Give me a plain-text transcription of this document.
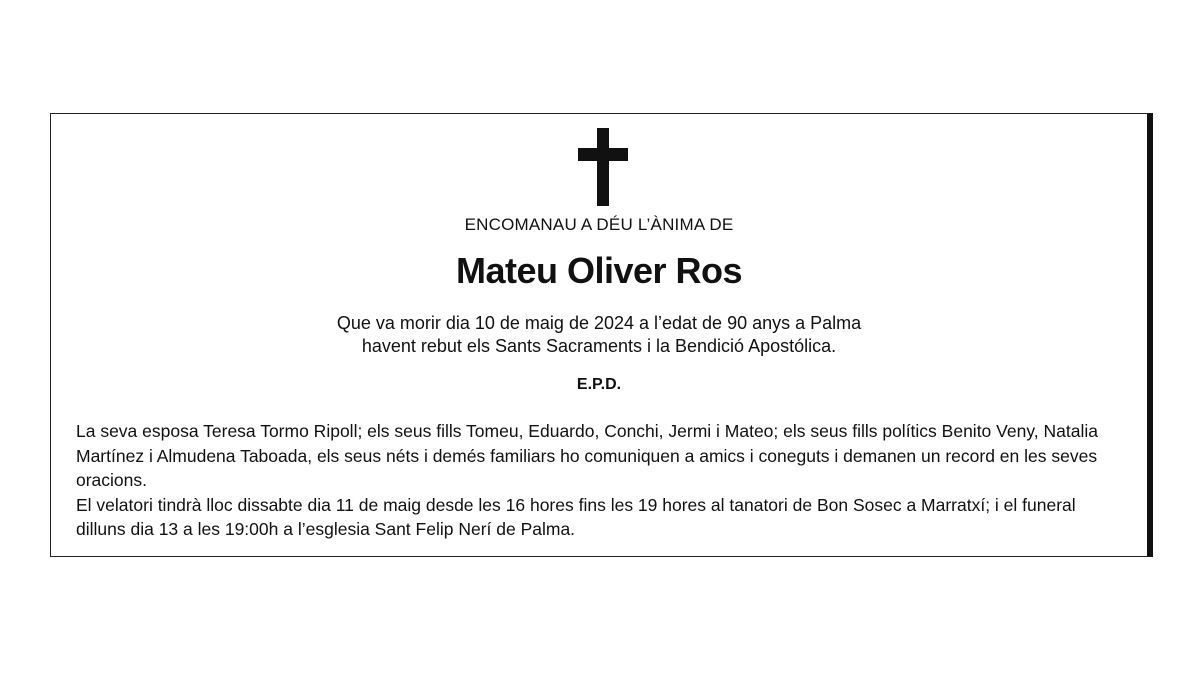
ENCOMANAU A DÉU L’ÀNIMA DE
Mateu Oliver Ros
Que va morir dia 10 de maig de 2024 a l’edat de 90 anys a Palma
havent rebut els Sants Sacraments i la Bendició Apostólica.
E.P.D.

La seva esposa Teresa Tormo Ripoll; els seus fills Tomeu, Eduardo, Conchi, Jermi i Mateo; els seus fills polítics Benito Veny, Natalia Martínez i Almudena Taboada, els seus néts i demés familiars ho comuniquen a amics i coneguts i demanen un record en les seves oracions.

El velatori tindrà lloc dissabte dia 11 de maig desde les 16 hores fins les 19 hores al tanatori de Bon Sosec a Marratxí; i el funeral dilluns dia 13 a les 19:00h a l’esglesia Sant Felip Nerí de Palma.
